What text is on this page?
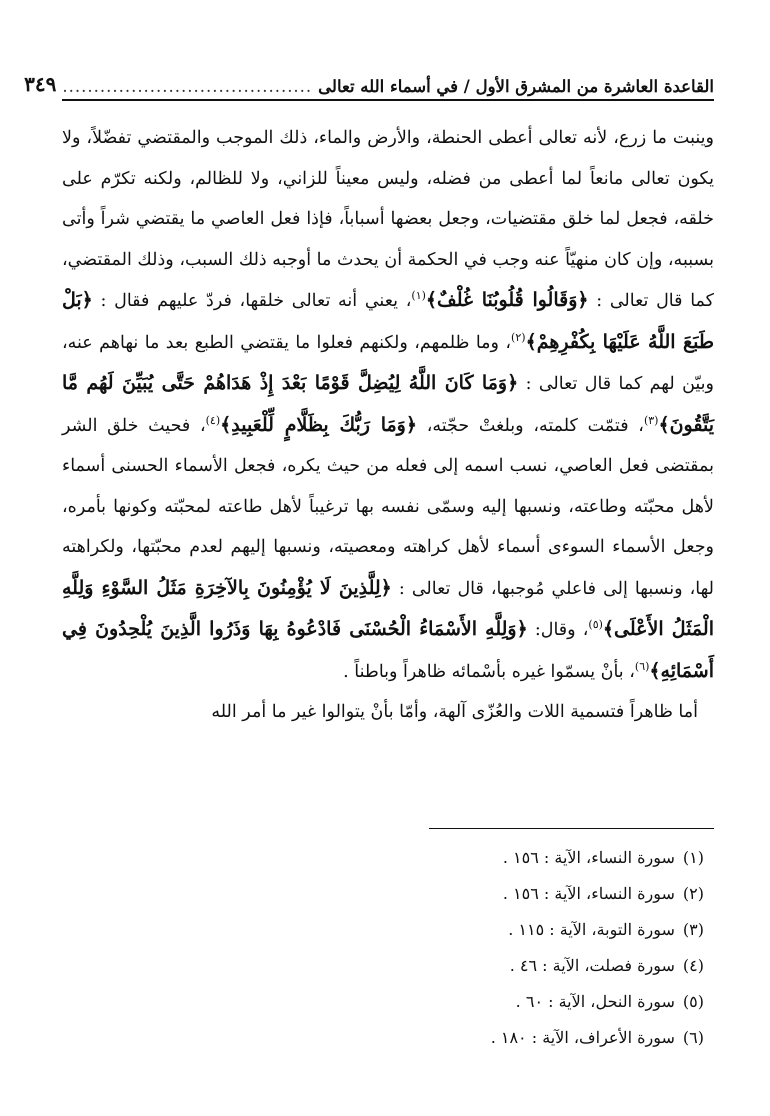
القاعدة العاشرة من المشرق الأول / في أسماء الله تعالى
........................................
٣٤٩

وينبت ما زرع، لأنه تعالى أعطى الحنطة، والأرض والماء، ذلك الموجب والمقتضي تفضّلاً، ولا يكون تعالى مانعاً لما أعطى من فضله، وليس معيناً للزاني، ولا للظالم، ولكنه تكرّم على خلقه، فجعل لما خلق مقتضيات، وجعل بعضها أسباباً، فإذا فعل العاصي ما يقتضي شراً وأتى بسببه، وإن كان منهيّاً عنه وجب في الحكمة أن يحدث ما أوجبه ذلك السبب، وذلك المقتضي، كما قال تعالى : ﴿وَقَالُوا قُلُوبُنَا غُلْفٌ﴾$^{(١)}$، يعني أنه تعالى خلقها، فردّ عليهم فقال : ﴿بَلْ طَبَعَ اللَّهُ عَلَيْهَا بِكُفْرِهِمْ﴾$^{(٢)}$، وما ظلمهم، ولكنهم فعلوا ما يقتضي الطبع بعد ما نهاهم عنه، وبيّن لهم كما قال تعالى : ﴿وَمَا كَانَ اللَّهُ لِيُضِلَّ قَوْمًا بَعْدَ إِذْ هَدَاهُمْ حَتَّى يُبَيِّنَ لَهُم مَّا يَتَّقُونَ﴾$^{(٣)}$، فتمّت كلمته، وبلغتْ حجّته، ﴿وَمَا رَبُّكَ بِظَلَّامٍ لِّلْعَبِيدِ﴾$^{(٤)}$، فحيث خلق الشر بمقتضى فعل العاصي، نسب اسمه إلى فعله من حيث يكره، فجعل الأسماء الحسنى أسماء لأهل محبّته وطاعته، ونسبها إليه وسمّى نفسه بها ترغيباً لأهل طاعته لمحبّته وكونها بأمره، وجعل الأسماء السوءى أسماء لأهل كراهته ومعصيته، ونسبها إليهم لعدم محبّتها، ولكراهته لها، ونسبها إلى فاعلي مُوجبها، قال تعالى : ﴿لِلَّذِينَ لَا يُؤْمِنُونَ بِالآخِرَةِ مَثَلُ السَّوْءِ وَلِلَّهِ الْمَثَلُ الأَعْلَى﴾$^{(٥)}$، وقال: ﴿وَلِلَّهِ الأَسْمَاءُ الْحُسْنَى فَادْعُوهُ بِهَا وَذَرُوا الَّذِينَ يُلْحِدُونَ فِي أَسْمَائِهِ﴾$^{(٦)}$، بأنْ يسمّوا غيره بأسْمائه ظاهراً وباطناً .

أما ظاهراً فتسمية اللات والعُزّى آلهة، وأمّا بأنْ يتوالوا غير ما أمر الله

(١)سورة النساء، الآية : ١٥٦ .
(٢)سورة النساء، الآية : ١٥٦ .
(٣)سورة التوبة، الآية : ١١٥ .
(٤)سورة فصلت، الآية : ٤٦ .
(٥)سورة النحل، الآية : ٦٠ .
(٦)سورة الأعراف، الآية : ١٨٠ .
